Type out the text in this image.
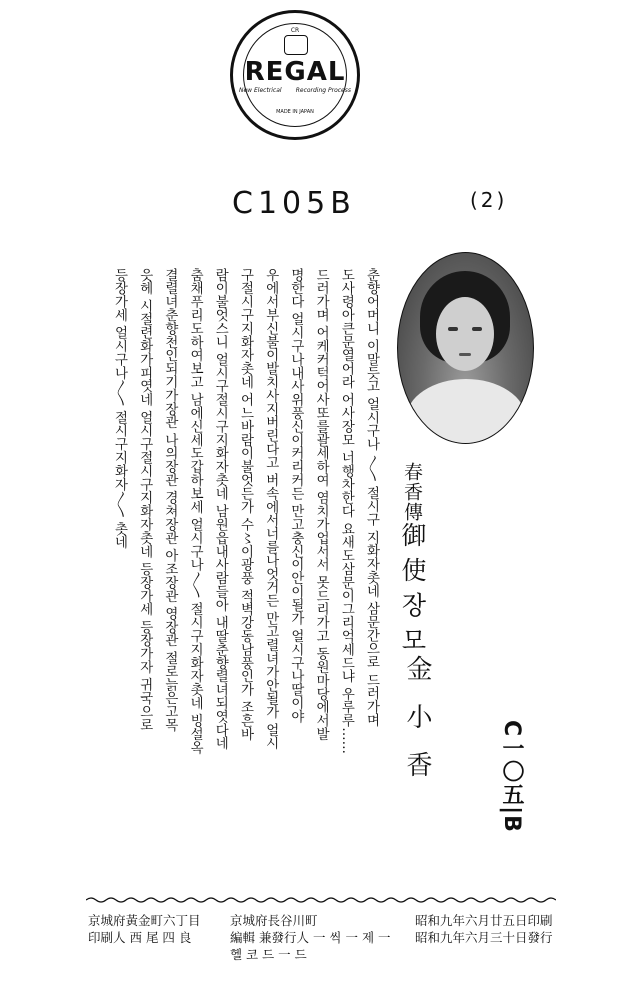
CR
REGAL
New Electrical Recording Process
MADE IN JAPAN
C105B	(2)
春香傳御使장모
金小香	C一〇五|B
춘향어머니 이말듯고 얼시구나 〳〵 절시구 지화자촛네 삼문간으로 드러가며
도사령아큰문열어라 어사장모 너행차한다 요새도삼문이그리억세드냐 우루루……
드러가며 어케커턱어사또를괄세하여 염치가업서서 못드리가고 동원마당에서발
명한다 얼시구나내사위풍신이커리커든 만고충신이안이될가 얼시구나딸이야
우에서부신불이발치사지버린다고 버속에서너를나엇거든 만고렬녀가안될가 얼시
구절시구지화자촛네 어느바람이불엇든가 수〻이광풍 적벽강동남풍인가 조흔바
람이불엇스니 얼시구절시구지화자촛네 남원읍내사람들아 내딸춘향렬녀되엿다네
춤채푸리도하여보고 남에신세도갑하보세 얼시구나〳〵 절시구지화자촛네 빙설옥
결렬녀춘향천인되기가장관 나의장관 경쳐장관 아조장관 영장관 절로늙은고목
읏헤 시절련화가피엿네 얼시구절시구지화자촛네 등장가세 등장가자 귀국으로
등장가세 얼시구나〳〵 절시구지화자〳〵 촛네
昭和九年六月廿五日印刷
昭和九年六月三十日發行
京城府長谷川町
編輯 兼發行人 一 씩 一 제 一
헬 코 드 一 드
京城府黃金町六丁目
印刷人 西 尾 四 良
